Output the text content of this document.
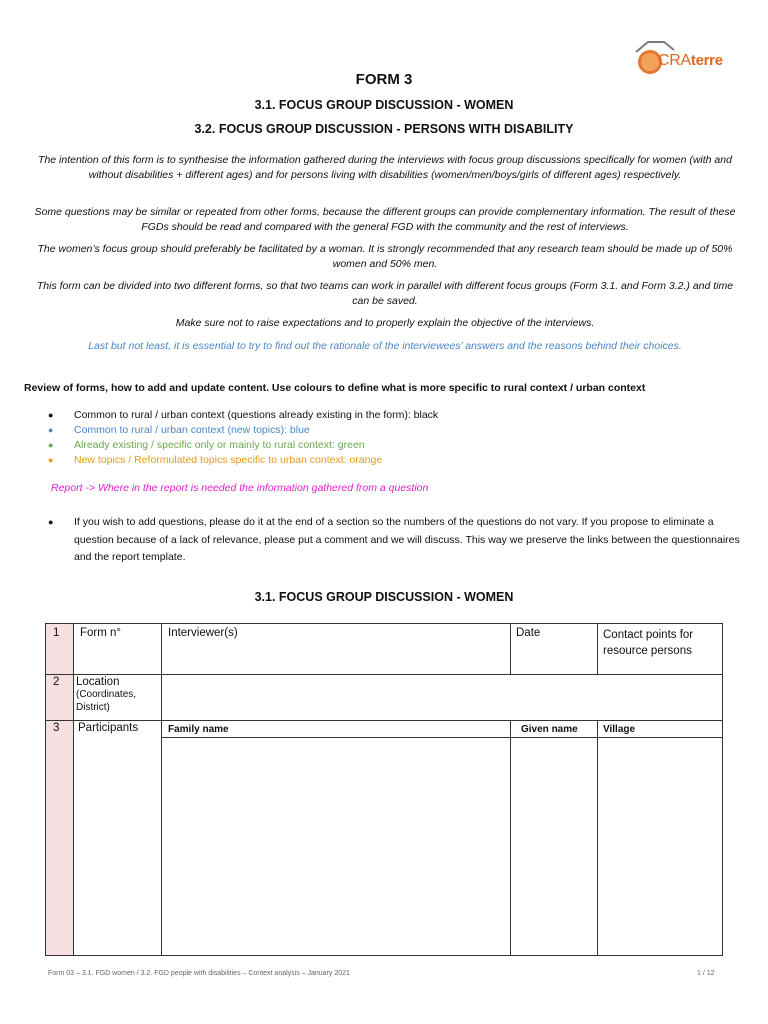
CRAterre
FORM 3
3.1. FOCUS GROUP DISCUSSION - WOMEN
3.2. FOCUS GROUP DISCUSSION - PERSONS WITH DISABILITY

The intention of this form is to synthesise the information gathered during the interviews with focus group discussions specifically for women (with and without disabilities + different ages) and for persons living with disabilities (women/men/boys/girls of different ages) respectively.

Some questions may be similar or repeated from other forms, because the different groups can provide complementary information. The result of these FGDs should be read and compared with the general FGD with the community and the rest of interviews.

The women’s focus group should preferably be facilitated by a woman. It is strongly recommended that any research team should be made up of 50% women and 50% men.

This form can be divided into two different forms, so that two teams can work in parallel with different focus groups (Form 3.1. and Form 3.2.) and time can be saved.

Make sure not to raise expectations and to properly explain the objective of the interviews.

Last but not least, it is essential to try to find out the rationale of the interviewees’ answers and the reasons behind their choices.

Review of forms, how to add and update content. Use colours to define what is more specific to rural context / urban context
● Common to rural / urban context (questions already existing in the form): black
● Common to rural / urban context (new topics): blue
● Already existing / specific only or mainly to rural context: green
● New topics / Reformulated topics specific to urban context: orange
Report -> Where in the report is needed the information gathered from a question
● If you wish to add questions, please do it at the end of a section so the numbers of the questions do not vary. If you propose to eliminate a question because of a lack of relevance, please put a comment and we will discuss. This way we preserve the links between the questionnaires and the report template.

3.1. FOCUS GROUP DISCUSSION - WOMEN
1 Form n°	Interviewer(s)	Date	Contact points for resource persons
2 Location
(Coordinates, District)
3 Participants	Family name	Given name	Village
Form 03 – 3.1. FGD women / 3.2. FGD people with disabilities – Context analysis – January 2021	1 / 12
